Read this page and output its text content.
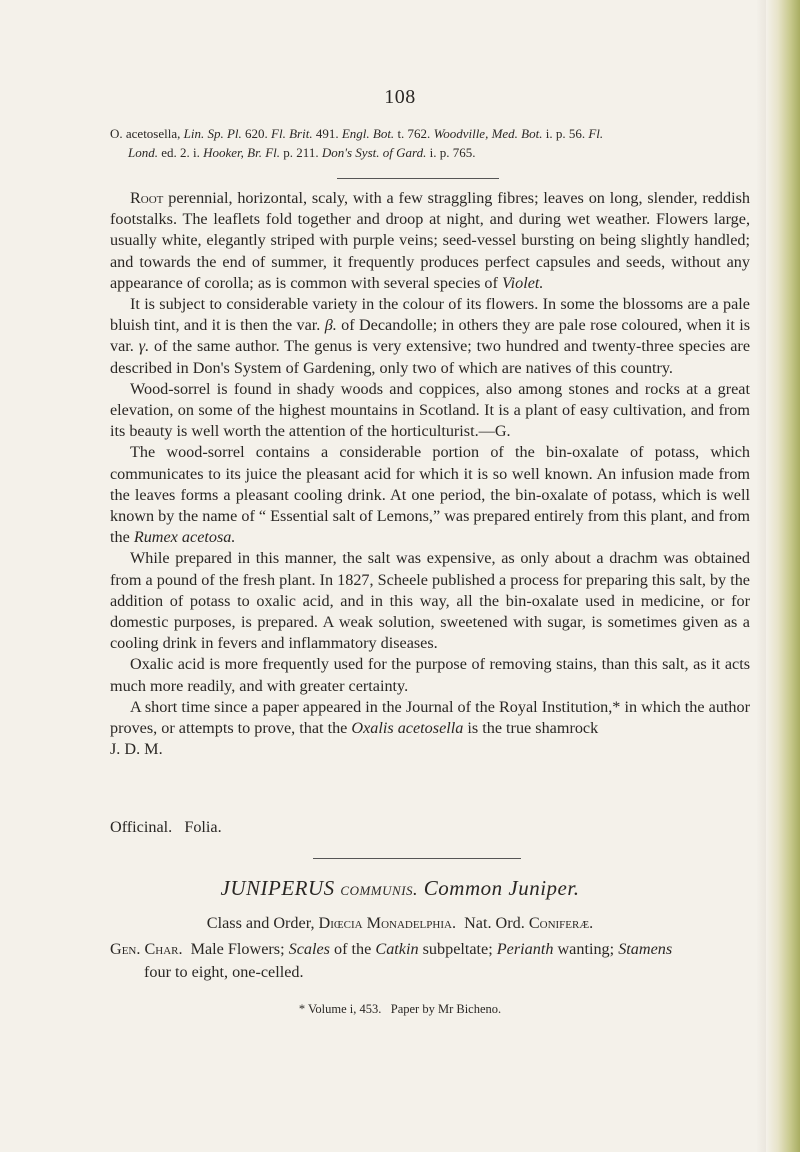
108

O. acetosella, Lin. Sp. Pl. 620. Fl. Brit. 491. Engl. Bot. t. 762. Woodville, Med. Bot. i. p. 56. Fl.

Lond. ed. 2. i. Hooker, Br. Fl. p. 211. Don's Syst. of Gard. i. p. 765.

Root perennial, horizontal, scaly, with a few straggling fibres; leaves on long, slender, reddish footstalks. The leaflets fold together and droop at night, and during wet weather. Flowers large, usually white, elegantly striped with purple veins; seed-vessel bursting on being slightly handled; and towards the end of summer, it frequently produces perfect capsules and seeds, without any appearance of corolla; as is common with several species of Violet.

It is subject to considerable variety in the colour of its flowers. In some the blossoms are a pale bluish tint, and it is then the var. β. of Decandolle; in others they are pale rose coloured, when it is var. γ. of the same author. The genus is very extensive; two hundred and twenty-three species are described in Don's System of Gardening, only two of which are natives of this country.

Wood-sorrel is found in shady woods and coppices, also among stones and rocks at a great elevation, on some of the highest mountains in Scotland. It is a plant of easy cultivation, and from its beauty is well worth the attention of the horticulturist.—G.

The wood-sorrel contains a considerable portion of the bin-oxalate of potass, which communicates to its juice the pleasant acid for which it is so well known. An infusion made from the leaves forms a pleasant cooling drink. At one period, the bin-oxalate of potass, which is well known by the name of “ Essential salt of Lemons,” was prepared entirely from this plant, and from the Rumex acetosa.

While prepared in this manner, the salt was expensive, as only about a drachm was obtained from a pound of the fresh plant. In 1827, Scheele published a process for preparing this salt, by the addition of potass to oxalic acid, and in this way, all the bin-oxalate used in medicine, or for domestic purposes, is prepared. A weak solution, sweetened with sugar, is sometimes given as a cooling drink in fevers and inflammatory diseases.

Oxalic acid is more frequently used for the purpose of removing stains, than this salt, as it acts much more readily, and with greater certainty.

A short time since a paper appeared in the Journal of the Royal Institution,* in which the author proves, or attempts to prove, that the Oxalis acetosella is the true shamrock

J. D. M.

Officinal.   Folia.
JUNIPERUS communis. Common Juniper.
Class and Order, Diœcia Monadelphia.  Nat. Ord. Coniferæ.
Gen. Char.  Male Flowers; Scales of the Catkin subpeltate; Perianth wanting; Stamens
four to eight, one-celled.
* Volume i, 453.   Paper by Mr Bicheno.
